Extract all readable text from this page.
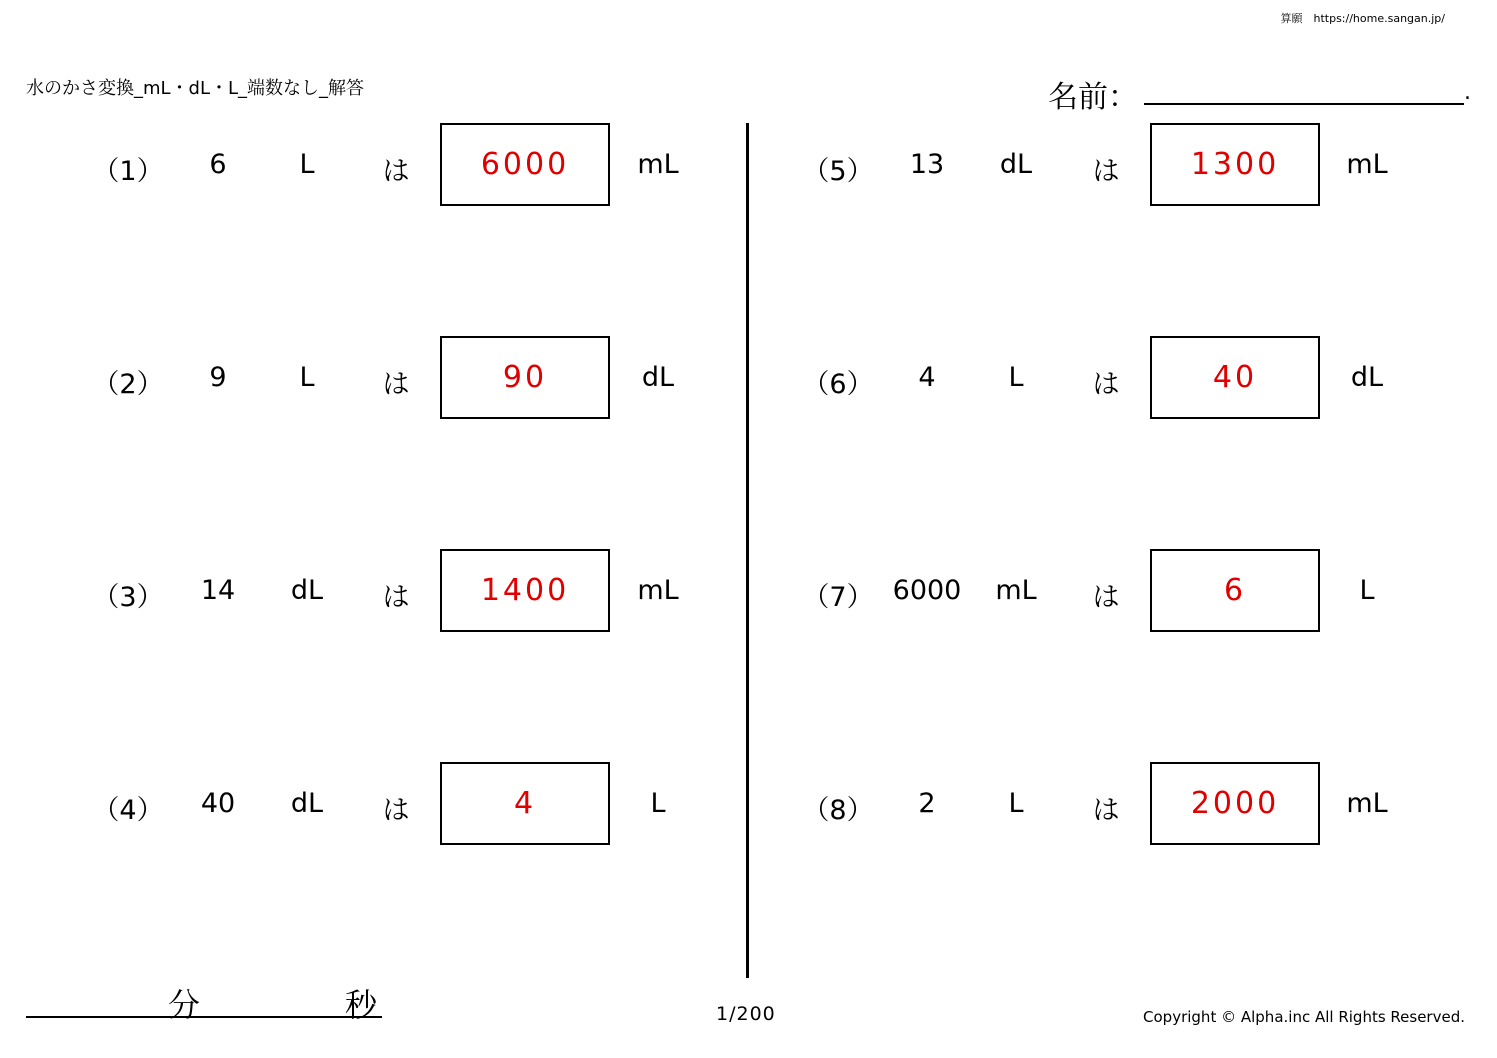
算願　https://home.sangan.jp/
水のかさ変換_mL・dL・L_端数なし_解答	名前：	.
（1） 6	L	は	6000	mL
（2） 9	L	は	90	dL
（3） 14 dL は	1400	mL
（4） 40 dL は	4	L
（5） 13 dL は	1300	mL
（6） 4	L	は	40	dL
（7） 6000 mL は	6	L
（8） 2	L	は	2000	mL
分	秒	1/200	Copyright © Alpha.inc All Rights Reserved.
